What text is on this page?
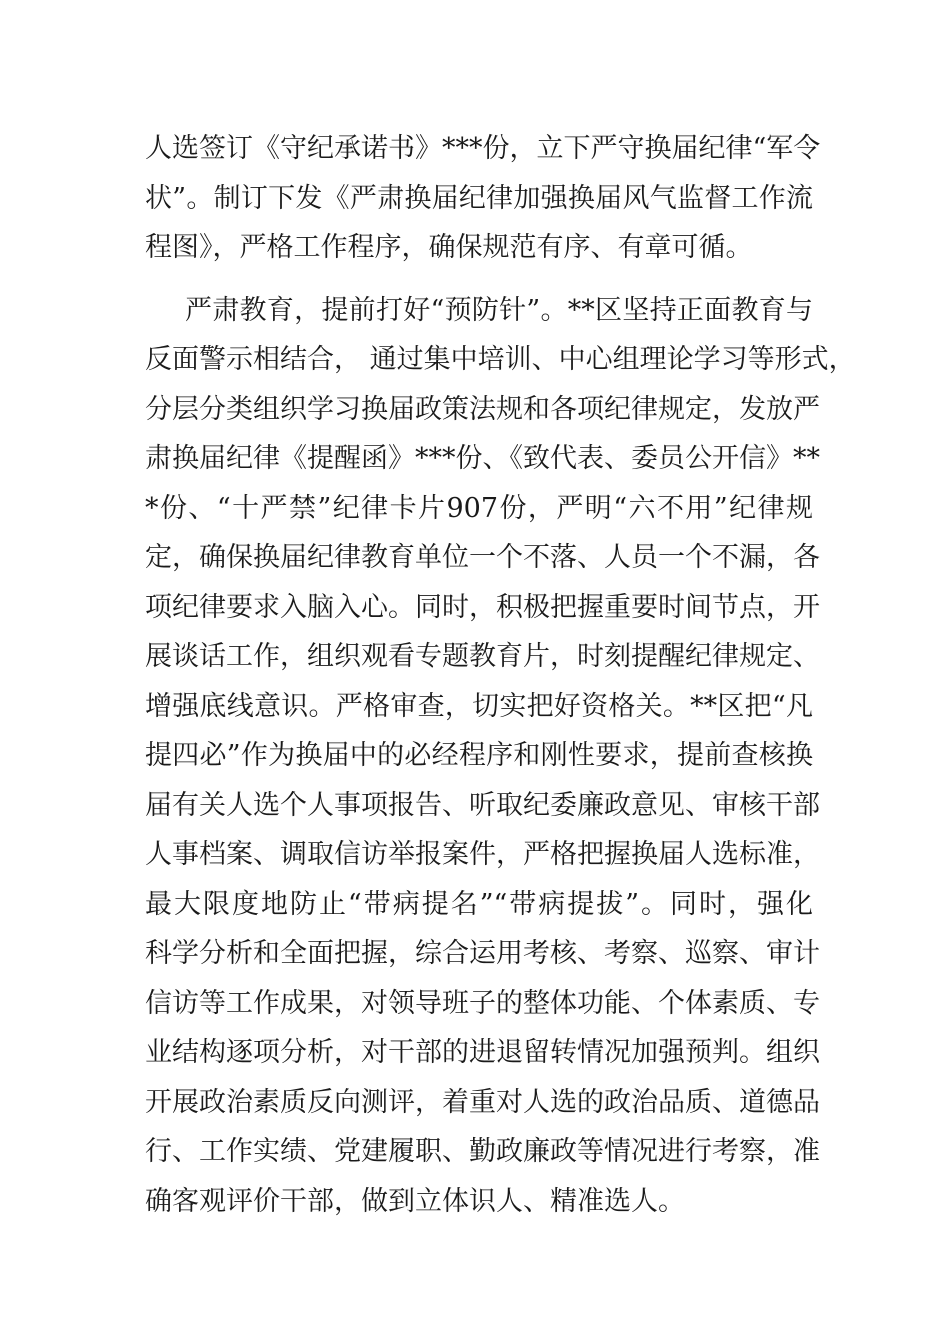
人选签订《守纪承诺书》***份，立下严守换届纪律“军令
状”。制订下发《严肃换届纪律加强换届风气监督工作流
程图》，严格工作程序，确保规范有序、有章可循。
严肃教育，提前打好“预防针”。**区坚持正面教育与
反面警示相结合， 通过集中培训、中心组理论学习等形式，
分层分类组织学习换届政策法规和各项纪律规定，发放严
肃换届纪律《提醒函》***份、《致代表、委员公开信》**
*份、“十严禁”纪律卡片907份，严明“六不用”纪律规
定，确保换届纪律教育单位一个不落、人员一个不漏，各
项纪律要求入脑入心。同时，积极把握重要时间节点，开
展谈话工作，组织观看专题教育片，时刻提醒纪律规定、
增强底线意识。严格审查，切实把好资格关。**区把“凡
提四必”作为换届中的必经程序和刚性要求，提前查核换
届有关人选个人事项报告、听取纪委廉政意见、审核干部
人事档案、调取信访举报案件，严格把握换届人选标准，
最大限度地防止“带病提名”“带病提拔”。同时，强化
科学分析和全面把握，综合运用考核、考察、巡察、审计
信访等工作成果，对领导班子的整体功能、个体素质、专
业结构逐项分析，对干部的进退留转情况加强预判。组织
开展政治素质反向测评，着重对人选的政治品质、道德品
行、工作实绩、党建履职、勤政廉政等情况进行考察，准
确客观评价干部，做到立体识人、精准选人。
